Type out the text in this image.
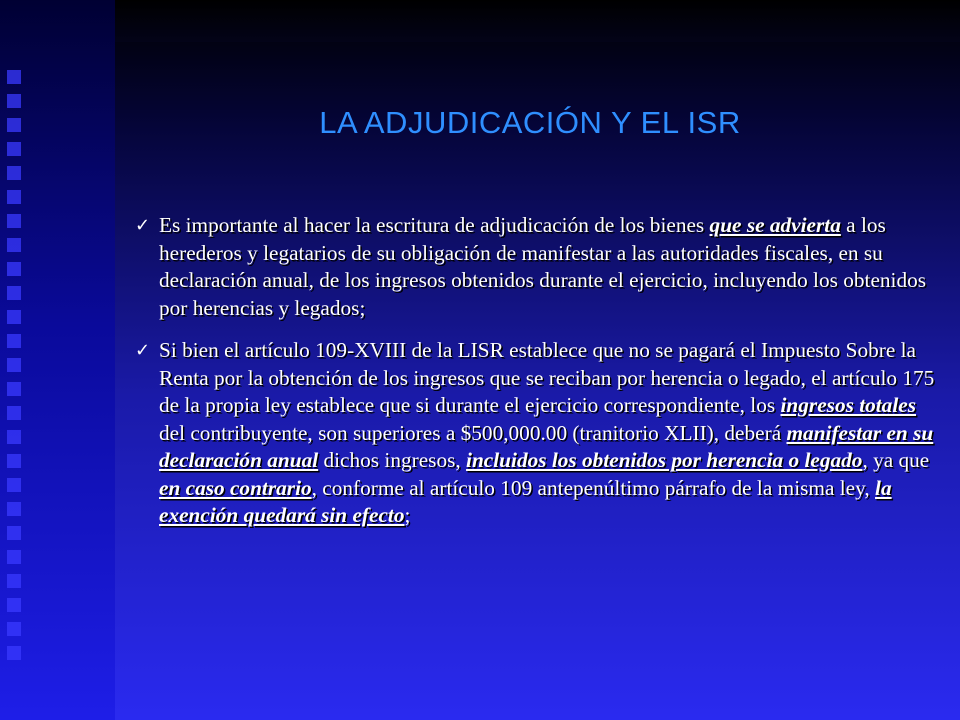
LA ADJUDICACIÓN Y EL ISR
✓ Es importante al hacer la escritura de adjudicación de los bienes que se advierta a los herederos y legatarios de su obligación de manifestar a las autoridades fiscales, en su declaración anual, de los ingresos obtenidos durante el ejercicio, incluyendo los obtenidos por herencias y legados;
✓ Si bien el artículo 109-XVIII de la LISR establece que no se pagará el Impuesto Sobre la Renta por la obtención de los ingresos que se reciban por herencia o legado, el artículo 175 de la propia ley establece que si durante el ejercicio correspondiente, los ingresos totales del contribuyente, son superiores a $500,000.00 (tranitorio XLII), deberá manifestar en su declaración anual dichos ingresos, incluidos los obtenidos por herencia o legado, ya que en caso contrario, conforme al artículo 109 antepenúltimo párrafo de la misma ley, la exención quedará sin efecto;
